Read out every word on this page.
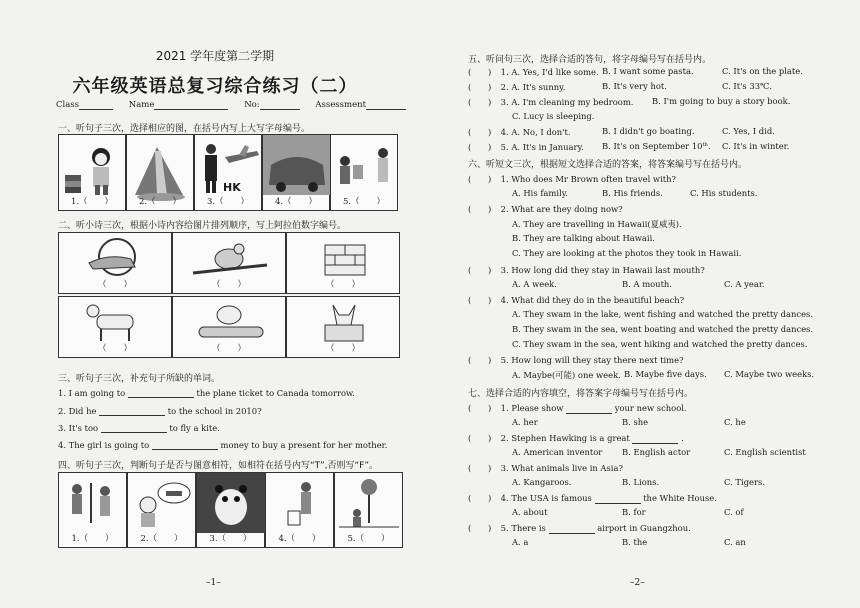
2021 学年度第二学期
六年级英语总复习综合练习（二）
Class	Name	No:	Assessment
一、听句子三次，选择相应的图，在括号内写上大写字母编号。
1.（　　）	2.（　　）
HK
3.（　　）	4.（　　）	5.（　　）
二、听小诗三次，根据小诗内容给图片排列顺序，写上阿拉伯数字编号。
（　　）	（　　）	（　　）
（　　）	（　　）	（　　）
三、听句子三次，补充句子所缺的单词。
1. I am going to	the plane ticket to Canada tomorrow.
2. Did he	to the school in 2010?
3. It's too	to fly a kite.
4. The girl is going to	money to buy a present for her mother.
四、听句子三次，判断句子是否与图意相符，如相符在括号内写“T”,否则写“F”。
1.（　　）	2.（　　）	3.（　　）	4.（　　）	5.（　　）
–1–
五、听问句三次，选择合适的答句，将字母编号写在括号内。
(　　) 1. A. Yes, I'd like some. B. I want some pasta.	C. It's on the plate.
(　　) 2. A. It's sunny.	B. It's very hot.	C. It's 33℃.
(　　) 3. A. I'm cleaning my bedroom. B. I'm going to buy a story book.
C. Lucy is sleeping.
(　　) 4. A. No, I don't.	B. I didn't go boating.	C. Yes, I did.
(　　) 5. A. It's in January. B. It's on September 10ᵗʰ. C. It's in winter.
六、听短文三次，根据短文选择合适的答案，将答案编号写在括号内。
(　　) 1. Who does Mr Brown often travel with?
A. His family.	B. His friends.	C. His students.
(　　) 2. What are they doing now?
A. They are travelling in Hawaii(夏威夷).
B. They are talking about Hawaii.
C. They are looking at the photos they took in Hawaii.
(　　) 3. How long did they stay in Hawaii last mouth?
A. A week.	B. A mouth.	C. A year.
(　　) 4. What did they do in the beautiful beach?
A. They swam in the lake, went fishing and watched the pretty dances.
B. They swam in the sea, went boating and watched the pretty dances.
C. They swam in the sea, went hiking and watched the pretty dances.
(　　) 5. How long will they stay there next time?
A. Maybe(可能) one week. B. Maybe five days. C. Maybe two weeks.
七、选择合适的内容填空，将答案字母编号写在括号内。
(　　) 1. Please show	your new school.
A. her	B. she	C. he
(　　) 2. Stephen Hawking is a great	.
A. American inventor B. English actor	C. English scientist
(　　) 3. What animals live in Asia?
A. Kangaroos.	B. Lions.	C. Tigers.
(　　) 4. The USA is famous	the White House.
A. about	B. for	C. of
(　　) 5. There is	airport in Guangzhou.
A. a	B. the	C. an
–2–
